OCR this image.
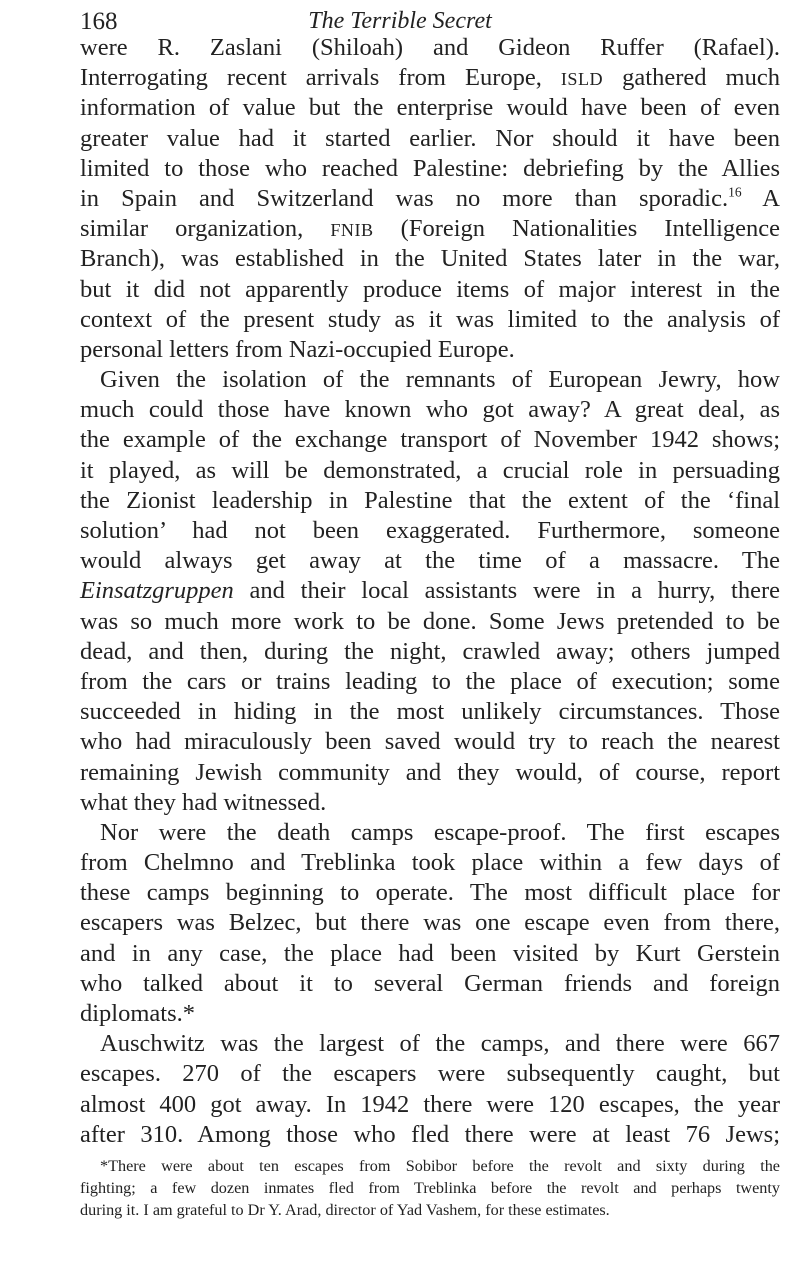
168	The Terrible Secret
were R. Zaslani (Shiloah) and Gideon Ruffer (Rafael).
Interrogating recent arrivals from Europe, ISLD gathered much
information of value but the enterprise would have been of even
greater value had it started earlier. Nor should it have been
limited to those who reached Palestine: debriefing by the Allies
in Spain and Switzerland was no more than sporadic.$^{16}$ A
similar organization, FNIB (Foreign Nationalities Intelligence
Branch), was established in the United States later in the war,
but it did not apparently produce items of major interest in the
context of the present study as it was limited to the analysis of
personal letters from Nazi-occupied Europe.
Given the isolation of the remnants of European Jewry, how
much could those have known who got away? A great deal, as
the example of the exchange transport of November 1942 shows;
it played, as will be demonstrated, a crucial role in persuading
the Zionist leadership in Palestine that the extent of the ‘final
solution’ had not been exaggerated. Furthermore, someone
would always get away at the time of a massacre. The
Einsatzgruppen and their local assistants were in a hurry, there
was so much more work to be done. Some Jews pretended to be
dead, and then, during the night, crawled away; others jumped
from the cars or trains leading to the place of execution; some
succeeded in hiding in the most unlikely circumstances. Those
who had miraculously been saved would try to reach the nearest
remaining Jewish community and they would, of course, report
what they had witnessed.
Nor were the death camps escape-proof. The first escapes
from Chelmno and Treblinka took place within a few days of
these camps beginning to operate. The most difficult place for
escapers was Belzec, but there was one escape even from there,
and in any case, the place had been visited by Kurt Gerstein
who talked about it to several German friends and foreign
diplomats.*
Auschwitz was the largest of the camps, and there were 667
escapes. 270 of the escapers were subsequently caught, but
almost 400 got away. In 1942 there were 120 escapes, the year
after 310. Among those who fled there were at least 76 Jews;
*There were about ten escapes from Sobibor before the revolt and sixty during the
fighting; a few dozen inmates fled from Treblinka before the revolt and perhaps twenty
during it. I am grateful to Dr Y. Arad, director of Yad Vashem, for these estimates.
